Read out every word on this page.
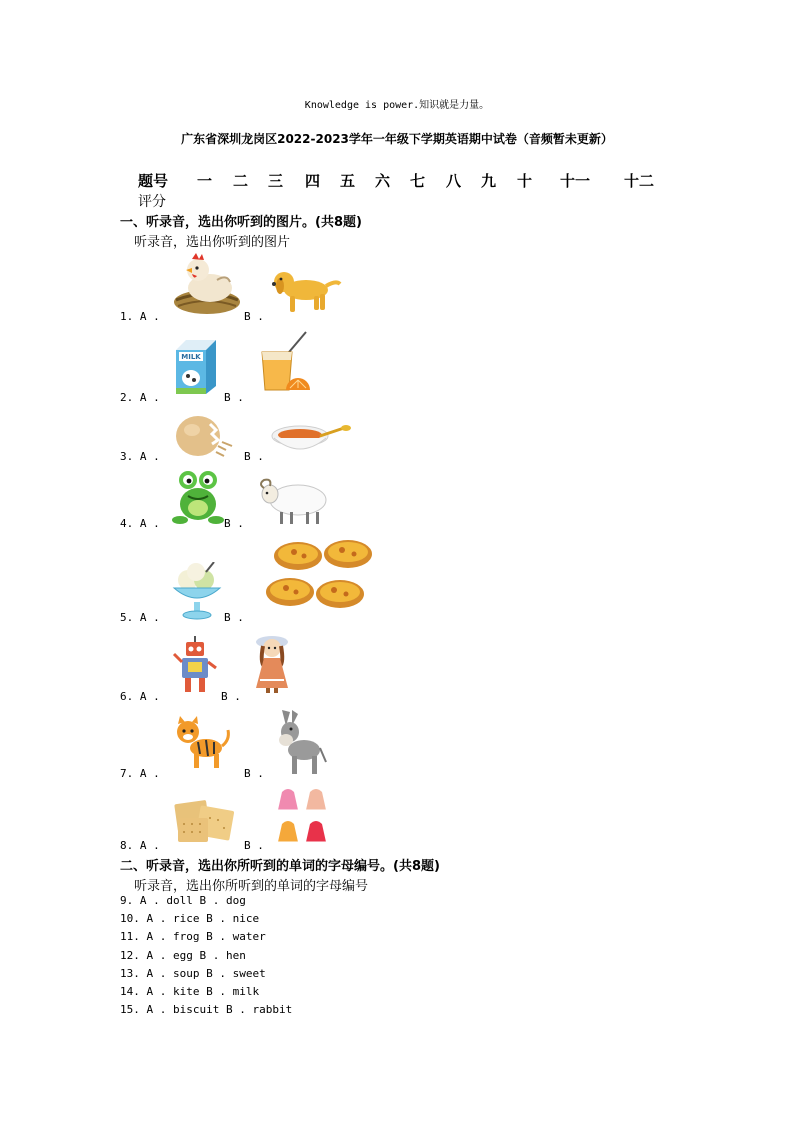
Knowledge is power.知识就是力量。
广东省深圳龙岗区2022-2023学年一年级下学期英语期中试卷（音频暂未更新）
题号 一 二 三 四 五 六 七 八 九 十 十一 十二
评分
一、听录音，选出你听到的图片。(共8题)
听录音，选出你听到的图片
1. A .	B .
MILK
2. A .	B .
3. A .	B .
4. A .	B .
5. A .	B .
6. A .	B .
7. A .	B .
8. A .	B .
二、听录音，选出你所听到的单词的字母编号。(共8题)
听录音，选出你所听到的单词的字母编号
9. A . doll B . dog
10. A . rice B . nice
11. A . frog B . water
12. A . egg B . hen
13. A . soup B . sweet
14. A . kite B . milk
15. A . biscuit B . rabbit
